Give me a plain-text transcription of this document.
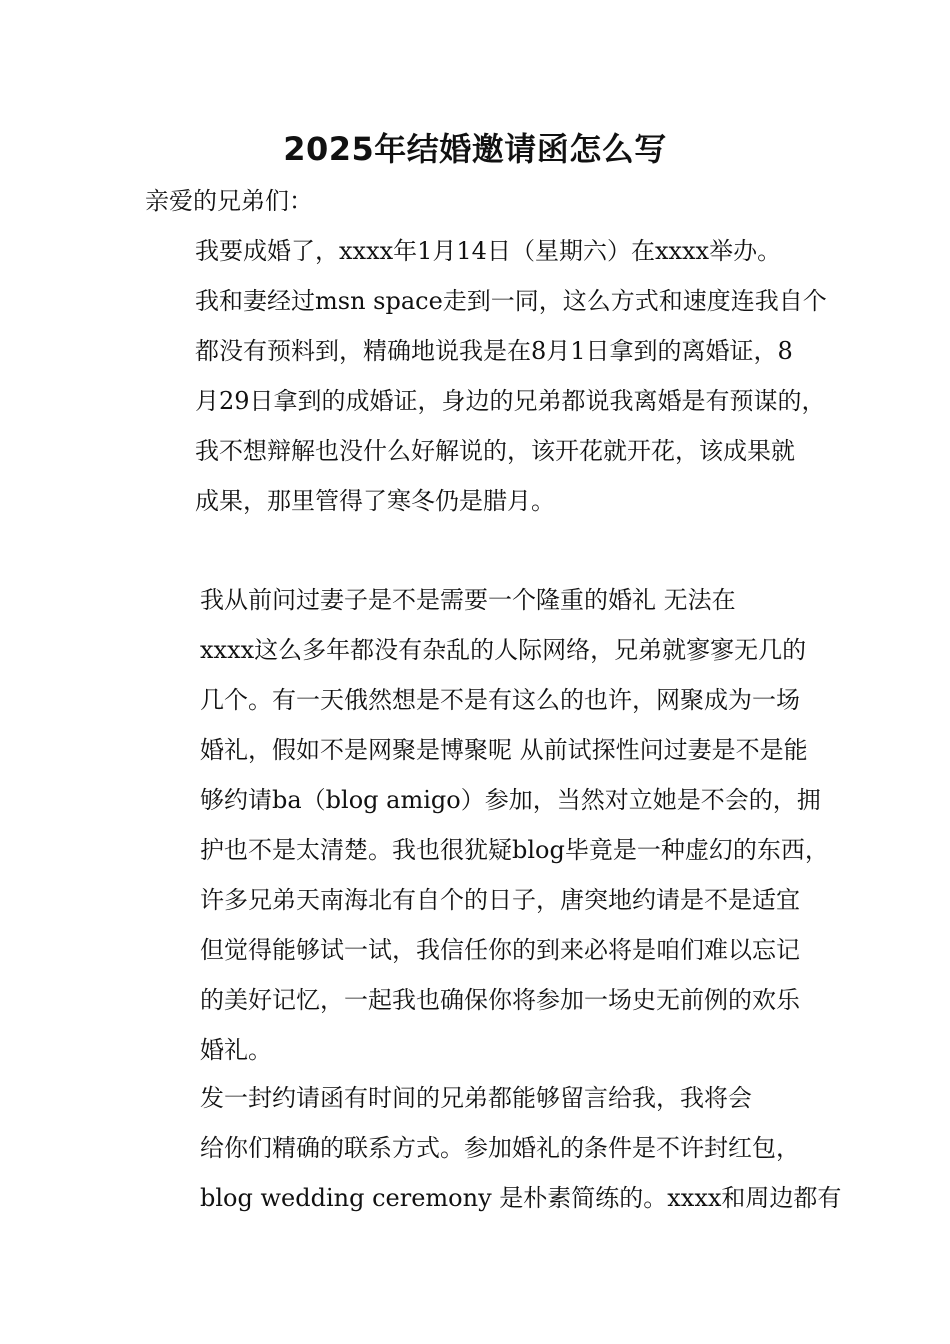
2025年结婚邀请函怎么写

亲爱的兄弟们：

我要成婚了，xxxx年1月14日（星期六）在xxxx举办。
我和妻经过msn space走到一同，这么方式和速度连我自个
都没有预料到，精确地说我是在8月1日拿到的离婚证，8
月29日拿到的成婚证，身边的兄弟都说我离婚是有预谋的，
我不想辩解也没什么好解说的，该开花就开花，该成果就
成果，那里管得了寒冬仍是腊月。

我从前问过妻子是不是需要一个隆重的婚礼 无法在
xxxx这么多年都没有杂乱的人际网络，兄弟就寥寥无几的
几个。有一天俄然想是不是有这么的也许，网聚成为一场
婚礼，假如不是网聚是博聚呢 从前试探性问过妻是不是能
够约请ba（blog amigo）参加，当然对立她是不会的，拥
护也不是太清楚。我也很犹疑blog毕竟是一种虚幻的东西，
许多兄弟天南海北有自个的日子，唐突地约请是不是适宜
但觉得能够试一试，我信任你的到来必将是咱们难以忘记
的美好记忆，一起我也确保你将参加一场史无前例的欢乐
婚礼。

发一封约请函有时间的兄弟都能够留言给我，我将会
给你们精确的联系方式。参加婚礼的条件是不许封红包，
blog wedding ceremony 是朴素简练的。xxxx和周边都有
